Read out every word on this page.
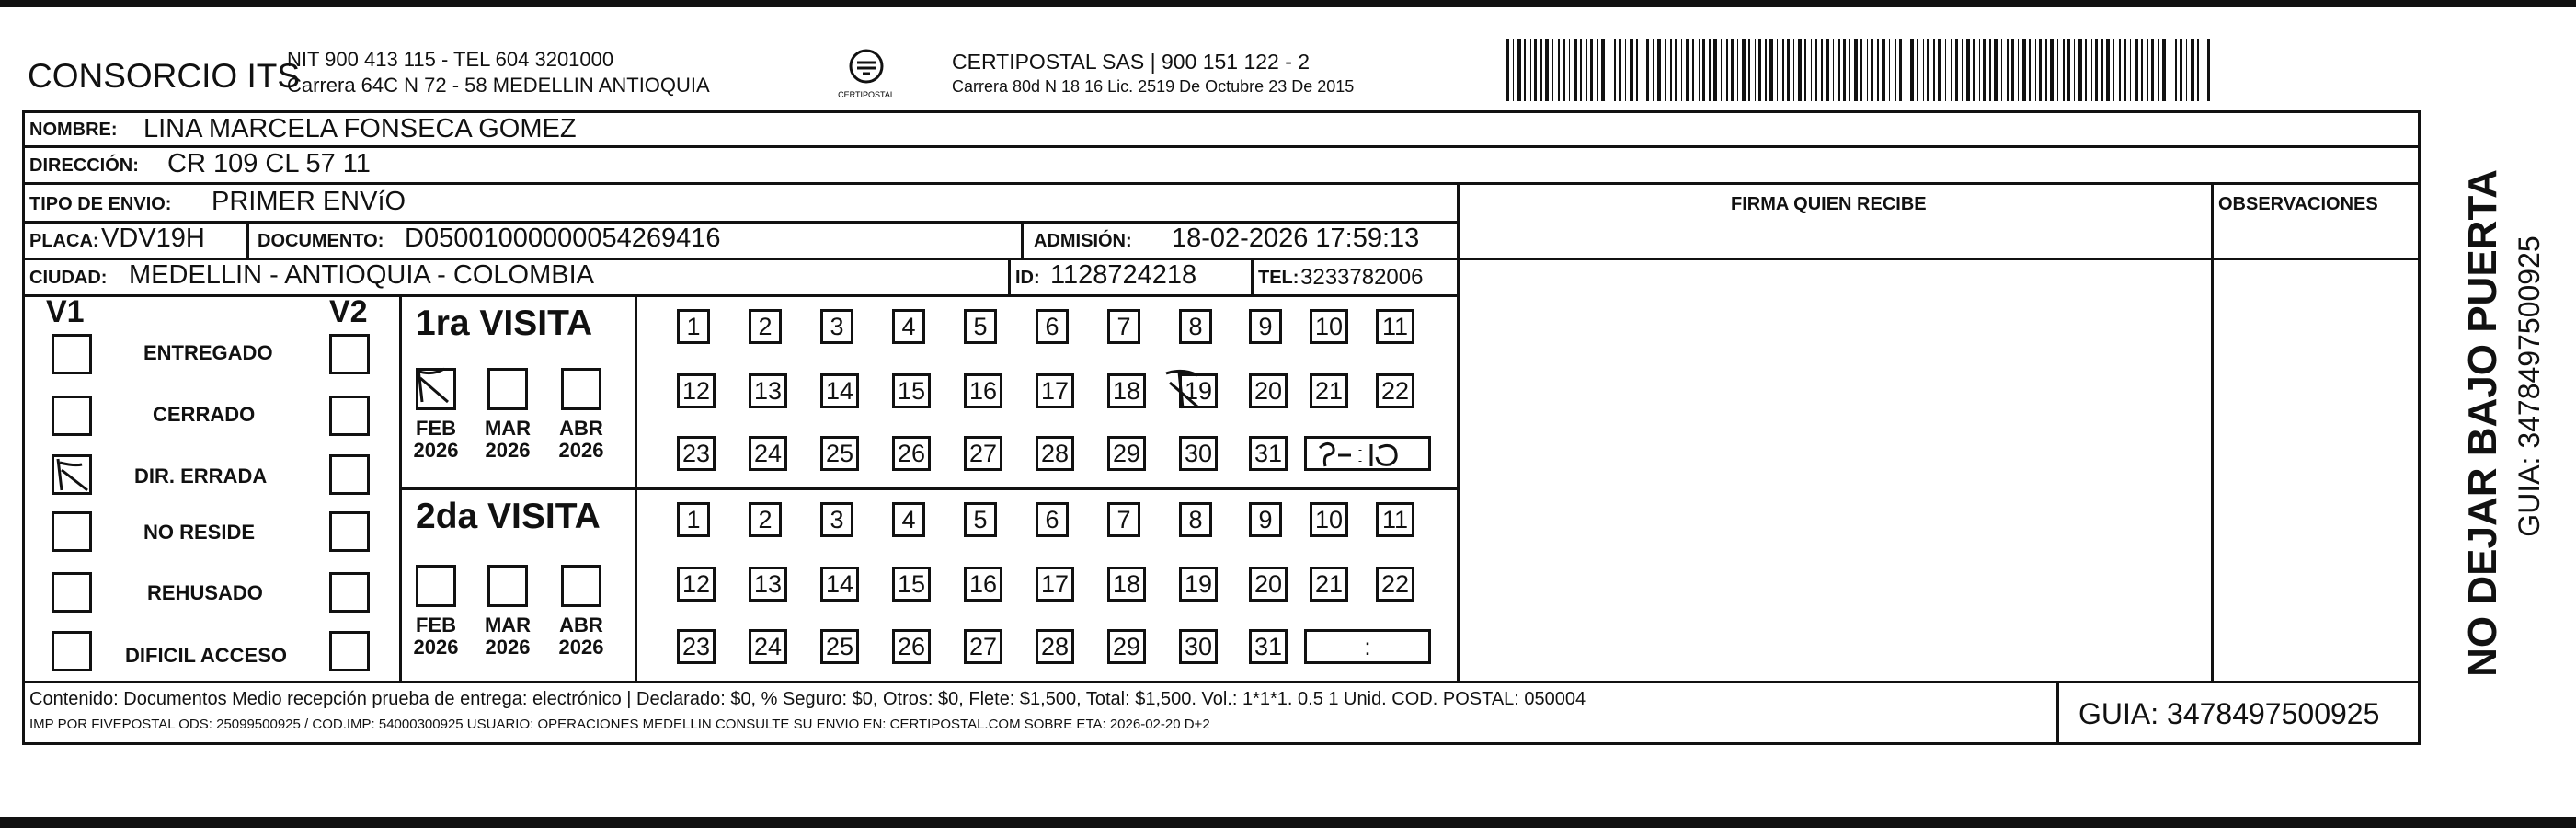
CONSORCIO ITS
NIT 900 413 115 - TEL 604 3201000
Carrera 64C N 72 - 58 MEDELLIN ANTIOQUIA	CERTIPOSTAL
CERTIPOSTAL SAS | 900 151 122 - 2
Carrera 80d N 18 16 Lic. 2519 De Octubre 23 De 2015
FIRMA QUIEN RECIBE	OBSERVACIONES
NOMBRE: LINA MARCELA FONSECA GOMEZ
DIRECCIÓN: CR 109 CL 57 11
TIPO DE ENVIO: PRIMER ENVíO
PLACA: VDV19H	DOCUMENTO: D05001000000054269416	ADMISIÓN: 18-02-2026 17:59:13
CIUDAD: MEDELLIN - ANTIOQUIA - COLOMBIA	ID: 1128724218	TEL: 3233782006
V1	V2
ENTREGADO
CERRADO
DIR. ERRADA
NO RESIDE
REHUSADO
DIFICIL ACCESO
1ra VISITA
2da VISITA
FEB
2026
MAR
2026
ABR
2026
FEB
2026
MAR
2026
ABR
2026
1	2	3	4	5	6	7	8	9	10 11
12 13 14 15 16 17 18 19 20 21 22
23 24 25 26 27 28 29 30 31
1	2	3	4	5	6	7	8	9	10 11
12 13 14 15 16 17 18 19 20 21 22
23 24 25 26 27 28 29 30 31	:
Contenido: Documentos Medio recepción prueba de entrega: electrónico | Declarado: $0, % Seguro: $0, Otros: $0, Flete: $1,500, Total: $1,500. Vol.: 1*1*1. 0.5 1 Unid. COD. POSTAL: 050004
IMP POR FIVEPOSTAL ODS: 25099500925 / COD.IMP: 54000300925 USUARIO: OPERACIONES MEDELLIN CONSULTE SU ENVIO EN: CERTIPOSTAL.COM SOBRE ETA: 2026-02-20 D+2	GUIA: 3478497500925
NO DEJAR BAJO PUERTA GUIA: 3478497500925
